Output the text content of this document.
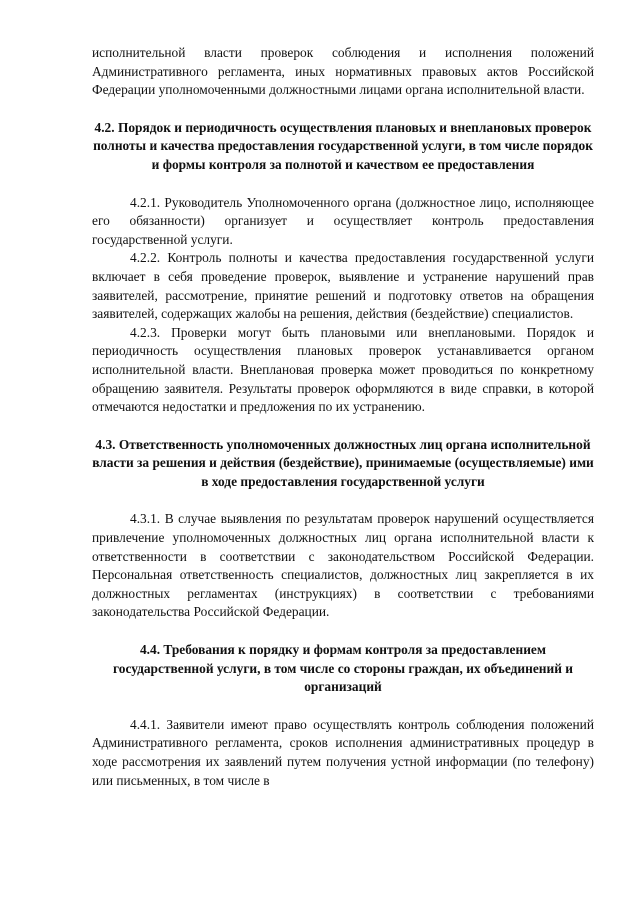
исполнительной власти проверок соблюдения и исполнения положений Административного регламента, иных нормативных правовых актов Российской Федерации уполномоченными должностными лицами органа исполнительной власти.

4.2. Порядок и периодичность осуществления плановых и внеплановых проверок полноты и качества предоставления государственной услуги, в том числе порядок и формы контроля за полнотой и качеством ее предоставления

4.2.1. Руководитель Уполномоченного органа (должностное лицо, исполняющее его обязанности) организует и осуществляет контроль предоставления государственной услуги.

4.2.2. Контроль полноты и качества предоставления государственной услуги включает в себя проведение проверок, выявление и устранение нарушений прав заявителей, рассмотрение, принятие решений и подготовку ответов на обращения заявителей, содержащих жалобы на решения, действия (бездействие) специалистов.

4.2.3. Проверки могут быть плановыми или внеплановыми. Порядок и периодичность осуществления плановых проверок устанавливается органом исполнительной власти. Внеплановая проверка может проводиться по конкретному обращению заявителя. Результаты проверок оформляются в виде справки, в которой отмечаются недостатки и предложения по их устранению.

4.3. Ответственность уполномоченных должностных лиц органа исполнительной власти за решения и действия (бездействие), принимаемые (осуществляемые) ими в ходе предоставления государственной услуги

4.3.1. В случае выявления по результатам проверок нарушений осуществляется привлечение уполномоченных должностных лиц органа исполнительной власти к ответственности в соответствии с законодательством Российской Федерации. Персональная ответственность специалистов, должностных лиц закрепляется в их должностных регламентах (инструкциях) в соответствии с требованиями законодательства Российской Федерации.

4.4. Требования к порядку и формам контроля за предоставлением государственной услуги, в том числе со стороны граждан, их объединений и организаций

4.4.1. Заявители имеют право осуществлять контроль соблюдения положений Административного регламента, сроков исполнения административных процедур в ходе рассмотрения их заявлений путем получения устной информации (по телефону) или письменных, в том числе в
